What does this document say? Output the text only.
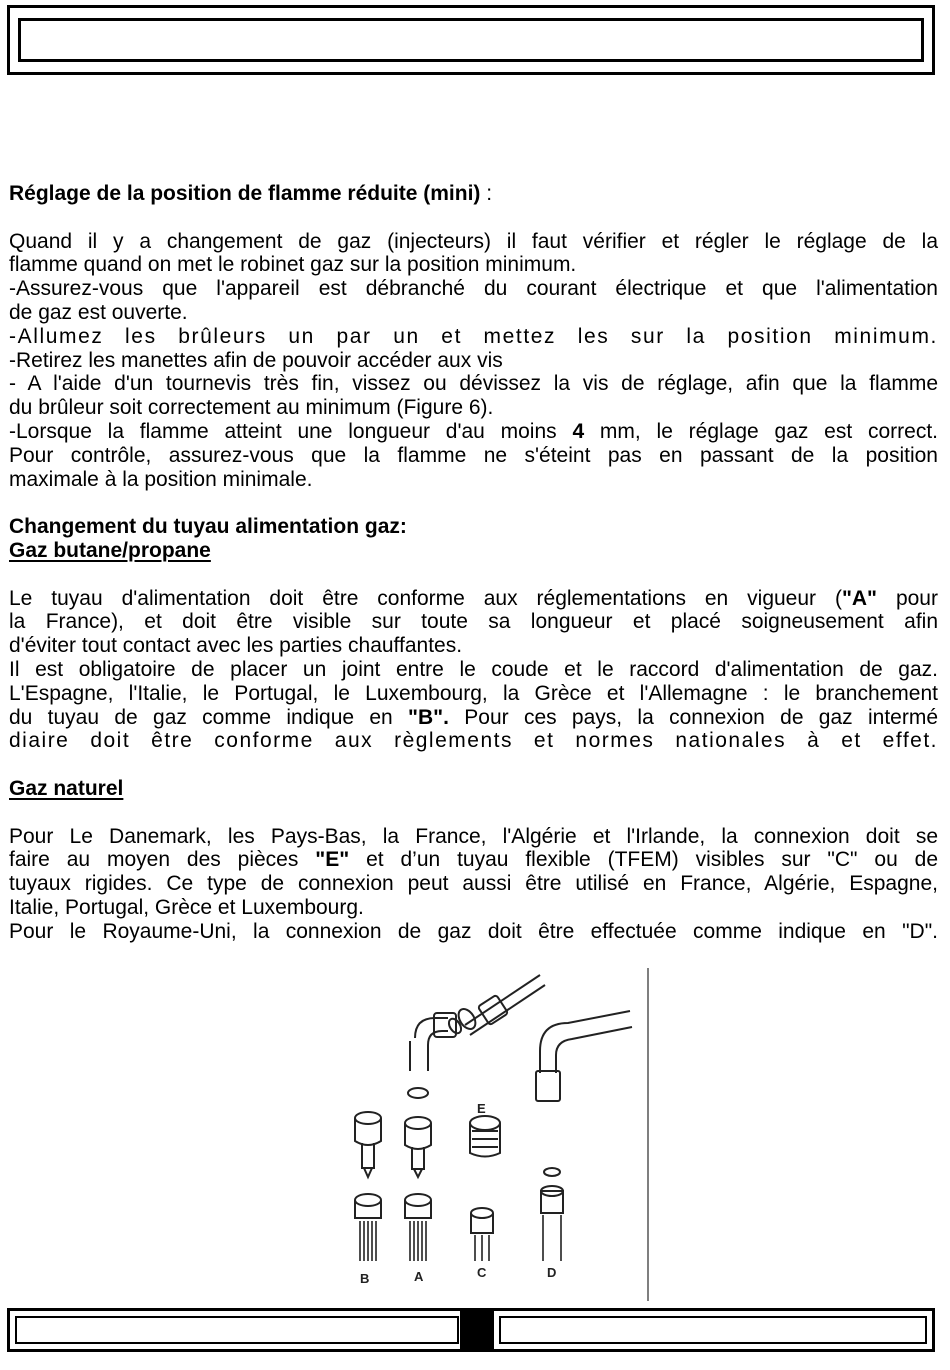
Réglage de la position de flamme réduite (mini) :

Quand il y a changement de gaz (injecteurs) il faut vérifier et régler le réglage de la

flamme quand on met le robinet gaz sur la position minimum.

-Assurez-vous que l'appareil est débranché du courant électrique et que l'alimentation

de gaz est ouverte.

-Allumez les brûleurs un par un et mettez les sur la position minimum.

-Retirez les manettes afin de pouvoir accéder aux vis

- A l'aide d'un tournevis très fin, vissez ou dévissez la vis de réglage, afin que la flamme

du brûleur soit correctement au minimum (Figure 6).

-Lorsque la flamme atteint une longueur d'au moins 4 mm, le réglage gaz est correct.

Pour contrôle, assurez-vous que la flamme ne s'éteint pas en passant de la position

maximale à la position minimale.

Changement du tuyau alimentation gaz:

Gaz butane/propane

Le tuyau d'alimentation doit être conforme aux réglementations en vigueur ("A" pour

la France), et doit être visible sur toute sa longueur et placé soigneusement afin

d'éviter tout contact avec les parties chauffantes.

Il est obligatoire de placer un joint entre le coude et le raccord d'alimentation de gaz.

L'Espagne, l'Italie, le Portugal, le Luxembourg, la Grèce et l'Allemagne : le branchement

du tuyau de gaz comme indique en "B". Pour ces pays, la connexion de gaz intermé

diaire doit être conforme aux règlements et normes nationales à et effet.

Gaz naturel

Pour Le Danemark, les Pays-Bas, la France, l'Algérie et l'Irlande, la connexion doit se

faire au moyen des pièces "E" et d’un tuyau flexible (TFEM) visibles sur "C" ou de

tuyaux rigides. Ce type de connexion peut aussi être utilisé en France, Algérie, Espagne,

Italie, Portugal, Grèce et Luxembourg.

Pour le Royaume-Uni, la connexion de gaz doit être effectuée comme indique en "D".

E
B	A	C	D
